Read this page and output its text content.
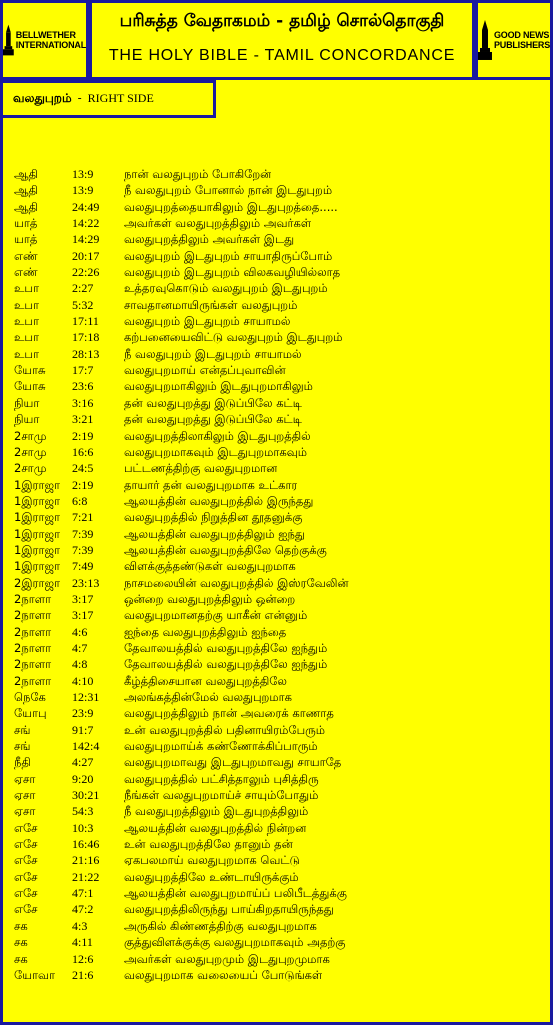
BELLWETHER
INTERNATIONAL
பரிசுத்த வேதாகமம் - தமிழ் சொல்தொகுதி
THE HOLY BIBLE - TAMIL CONCORDANCE
GOOD NEWS
PUBLISHERS
வலதுபுறம் - RIGHT SIDE
ஆதி	13:9	நான் வலதுபுறம் போகிறேன்
ஆதி	13:9	நீ வலதுபுறம் போனால் நான் இடதுபுறம்
ஆதி	24:49	வலதுபுறத்தையாகிலும் இடதுபுறத்தை.....
யாத்	14:22	அவர்கள் வலதுபுறத்திலும் அவர்கள்
யாத்	14:29	வலதுபுறத்திலும் அவர்கள் இடது
எண்	20:17	வலதுபுறம் இடதுபுறம் சாயாதிருப்போம்
எண்	22:26	வலதுபுறம் இடதுபுறம் விலகவழியில்லாத
உபா	2:27	உத்தரவுகொடும் வலதுபுறம் இடதுபுறம்
உபா	5:32	சாவதானமாயிருங்கள் வலதுபுறம்
உபா	17:11	வலதுபுறம் இடதுபுறம் சாயாமல்
உபா	17:18	கற்பனையைவிட்டு வலதுபுறம் இடதுபுறம்
உபா	28:13	நீ வலதுபுறம் இடதுபுறம் சாயாமல்
யோசு	17:7	வலதுபுறமாய் என்தப்புவாவின்
யோசு	23:6	வலதுபுறமாகிலும் இடதுபுறமாகிலும்
நியா	3:16	தன் வலதுபுறத்து இடுப்பிலே கட்டி
நியா	3:21	தன் வலதுபுறத்து இடுப்பிலே கட்டி
2சாமு	2:19	வலதுபுறத்திலாகிலும் இடதுபுறத்தில்
2சாமு	16:6	வலதுபுறமாகவும் இடதுபுறமாகவும்
2சாமு	24:5	பட்டணத்திற்கு வலதுபுறமான
1இராஜா 2:19	தாயார் தன் வலதுபுறமாக உட்கார
1இராஜா 6:8	ஆலயத்தின் வலதுபுறத்தில் இருந்தது
1இராஜா 7:21	வலதுபுறத்தில் நிறுத்தின தூதனுக்கு
1இராஜா 7:39	ஆலயத்தின் வலதுபுறத்திலும் ஐந்து
1இராஜா 7:39	ஆலயத்தின் வலதுபுறத்திலே தெற்குக்கு
1இராஜா 7:49	விளக்குத்தண்டுகள் வலதுபுறமாக
2இராஜா 23:13	நாசமலையின் வலதுபுறத்தில் இஸ்ரவேலின்
2நாளா	3:17	ஒன்றை வலதுபுறத்திலும் ஒன்றை
2நாளா	3:17	வலதுபுறமானதற்கு யாகீன் என்னும்
2நாளா	4:6	ஐந்தை வலதுபுறத்திலும் ஐந்தை
2நாளா	4:7	தேவாலயத்தில் வலதுபுறத்திலே ஐந்தும்
2நாளா	4:8	தேவாலயத்தில் வலதுபுறத்திலே ஐந்தும்
2நாளா	4:10	கீழ்த்திசையான வலதுபுறத்திலே
நெகே	12:31	அலங்கத்தின்மேல் வலதுபுறமாக
யோபு	23:9	வலதுபுறத்திலும் நான் அவரைக் காணாத
சங்	91:7	உன் வலதுபுறத்தில் பதினாயிரம்பேரும்
சங்	142:4	வலதுபுறமாய்க் கண்ணோக்கிப்பாரும்
நீதி	4:27	வலதுபுறமாவது இடதுபுறமாவது சாயாதே
ஏசா	9:20	வலதுபுறத்தில் பட்சித்தாலும் புசித்திரு
ஏசா	30:21	நீங்கள் வலதுபுறமாய்ச் சாயும்போதும்
ஏசா	54:3	நீ வலதுபுறத்திலும் இடதுபுறத்திலும்
எசே	10:3	ஆலயத்தின் வலதுபுறத்தில் நின்றன
எசே	16:46	உன் வலதுபுறத்திலே தானும் தன்
எசே	21:16	ஏகபலமாய் வலதுபுறமாக வெட்டு
எசே	21:22	வலதுபுறத்திலே உண்டாயிருக்கும்
எசே	47:1	ஆலயத்தின் வலதுபுறமாய்ப் பலிபீடத்துக்கு
எசே	47:2	வலதுபுறத்திலிருந்து பாய்கிறதாயிருந்தது
சக	4:3	அருகில் கிண்ணத்திற்கு வலதுபுறமாக
சக	4:11	குத்துவிளக்குக்கு வலதுபுறமாகவும் அதற்கு
சக	12:6	அவர்கள் வலதுபுறமும் இடதுபுறமுமாக
யோவா	21:6	வலதுபுறமாக வலையைப் போடுங்கள்
